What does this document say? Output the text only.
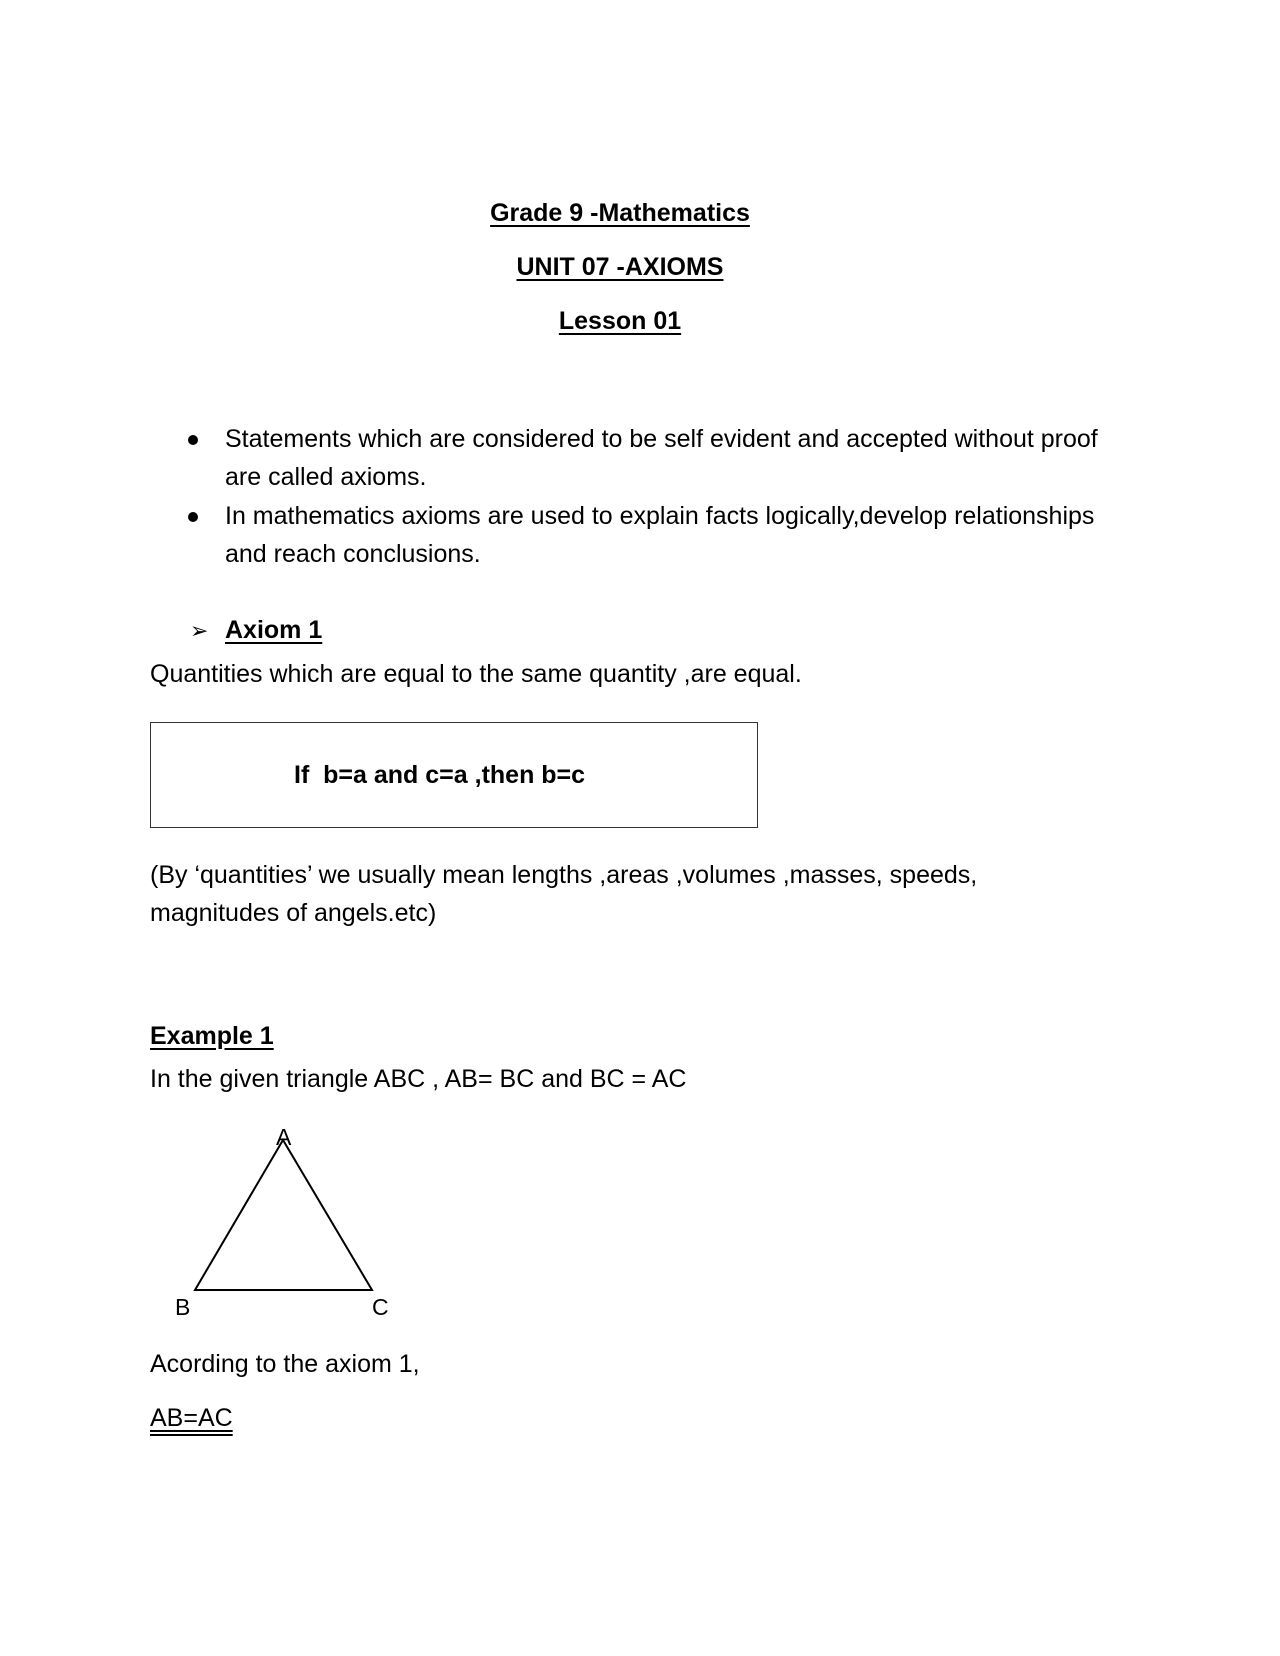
Grade 9 -Mathematics
UNIT 07 -AXIOMS
Lesson 01
Statements which are considered to be self evident and accepted without proof are called axioms.
In mathematics axioms are used to explain facts logically,develop relationships and reach conclusions.
➢ Axiom 1
Quantities which are equal to the same quantity ,are equal.
If  b=a and c=a ,then b=c
(By ‘quantities’ we usually mean lengths ,areas ,volumes ,masses, speeds, magnitudes of angels.etc)
Example 1
In the given triangle ABC , AB= BC and BC = AC
A
B	C
Acording to the axiom 1,
AB=AC
